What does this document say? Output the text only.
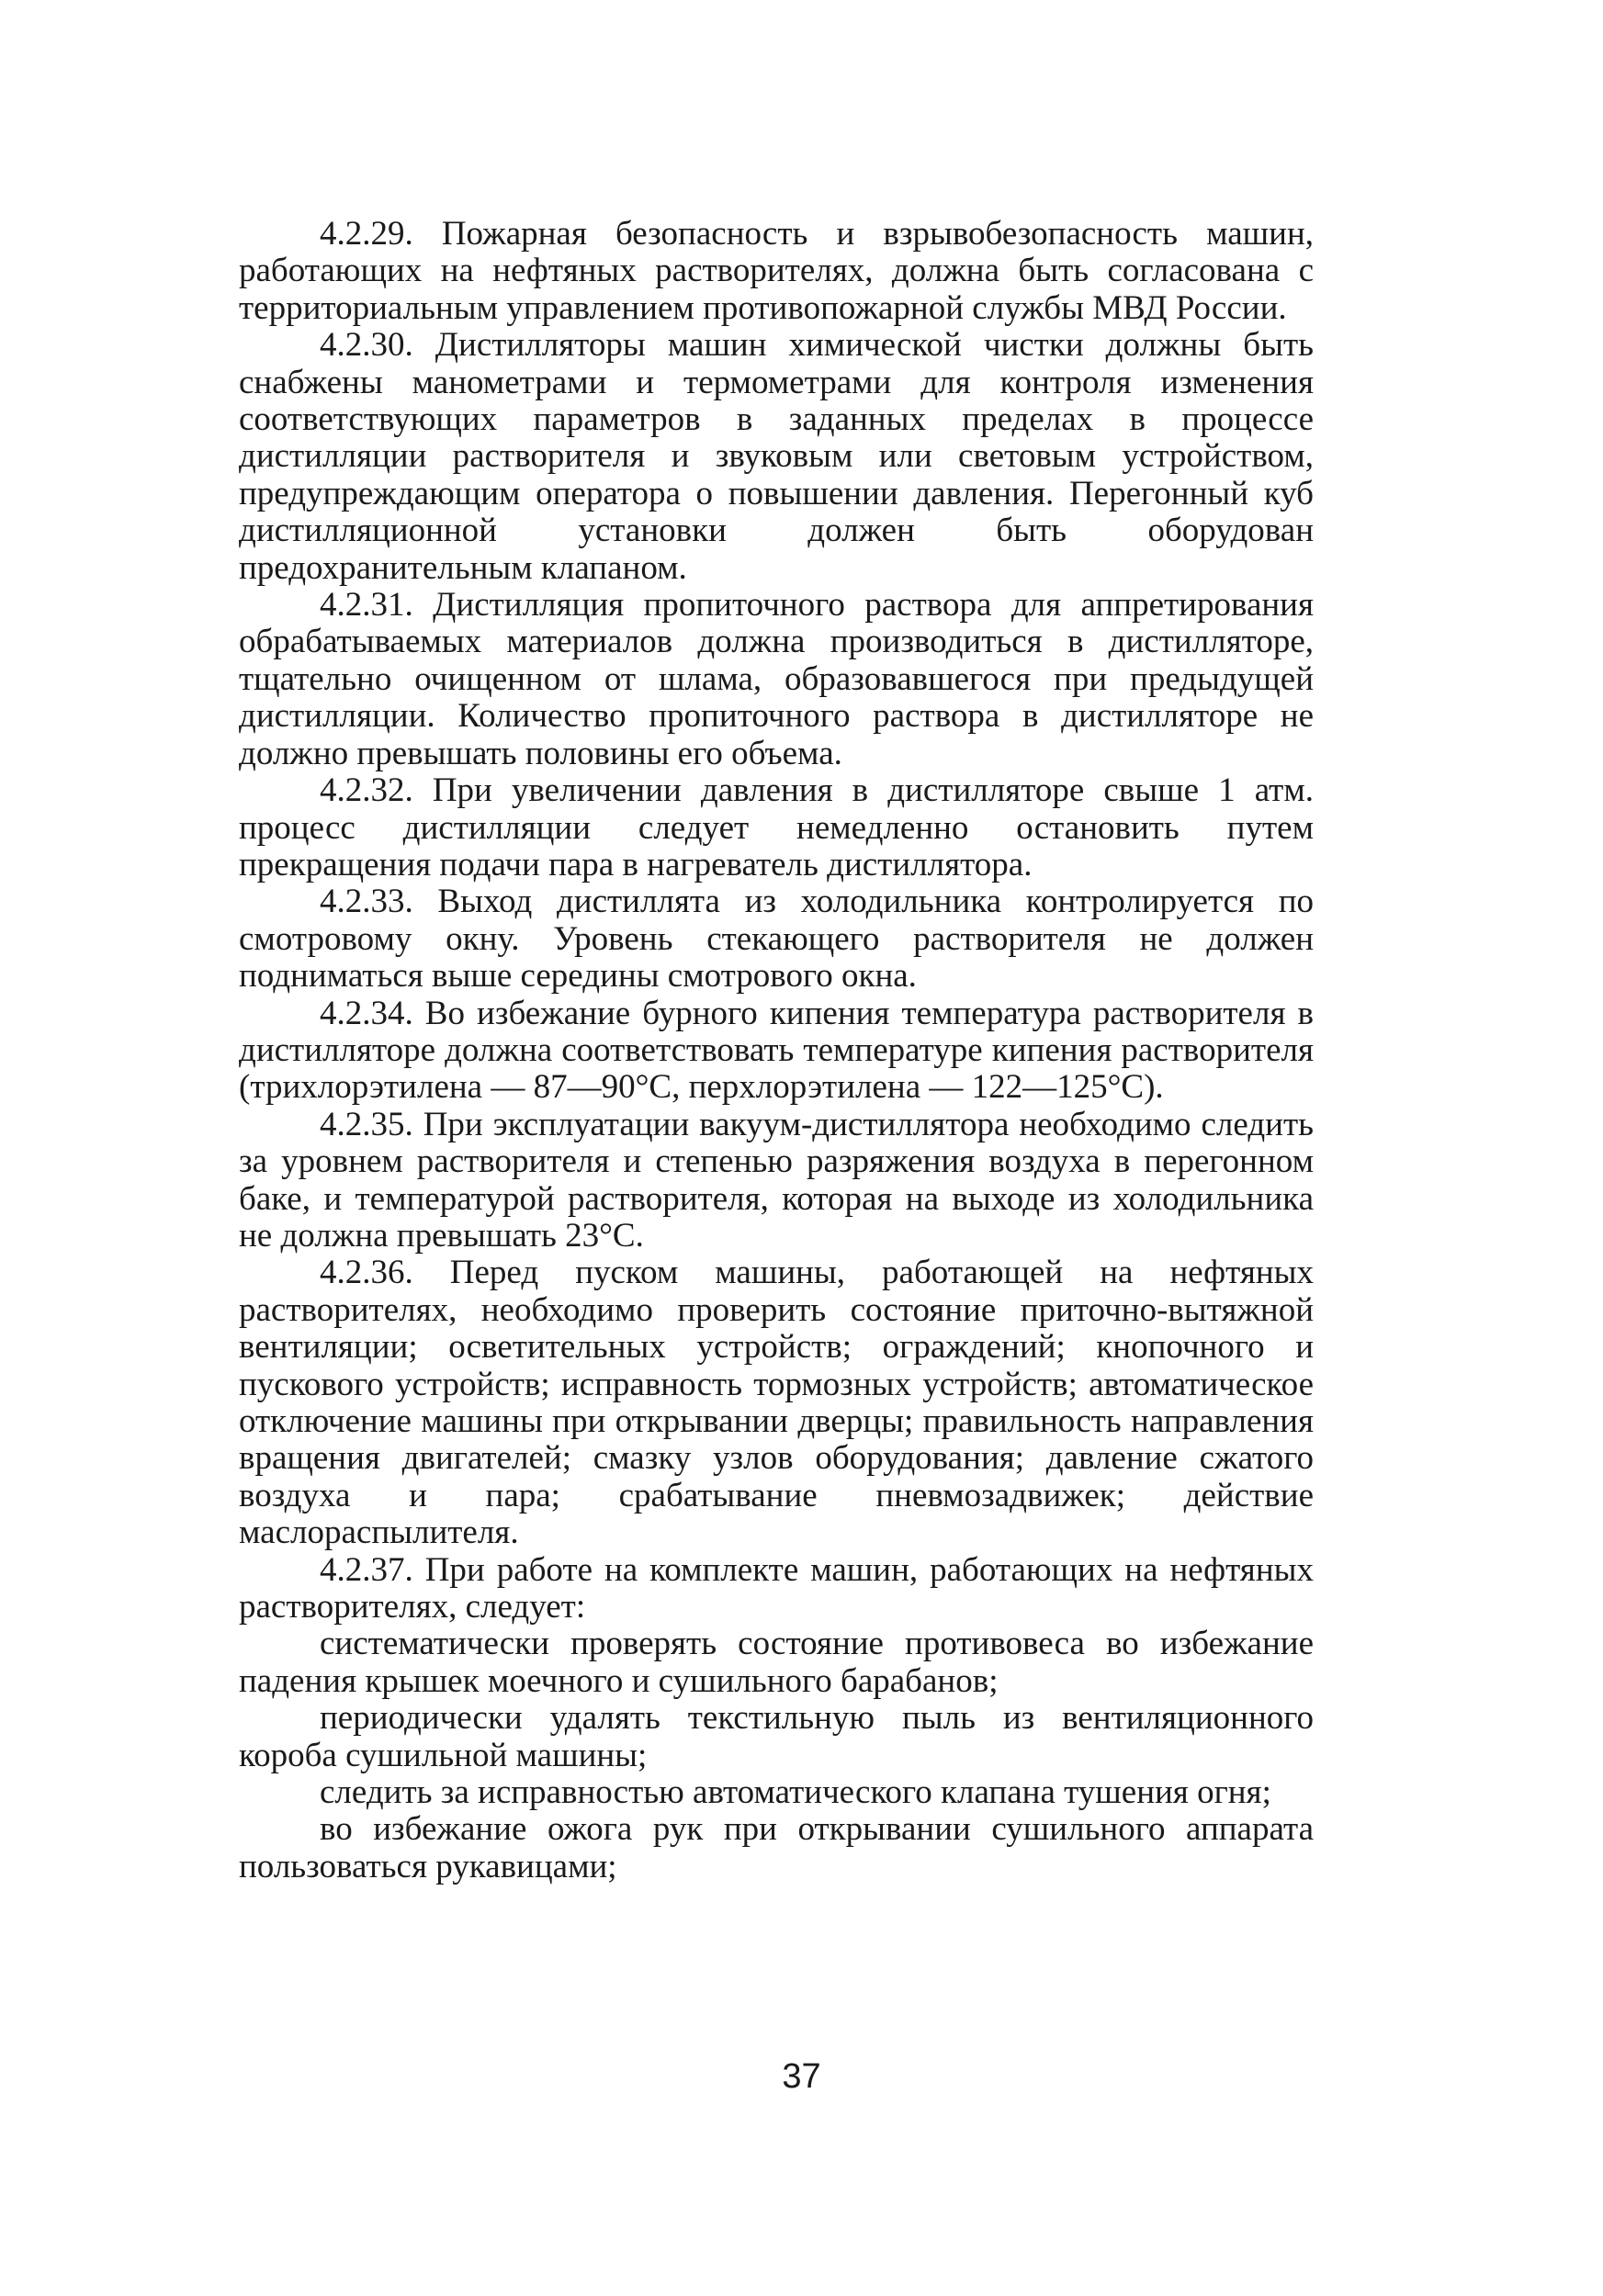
4.2.29. Пожарная безопасность и взрывобезопасность машин, работающих на нефтяных растворителях, должна быть согласована с территориальным управлением противопожарной службы МВД России.

4.2.30. Дистилляторы машин химической чистки должны быть снабжены манометрами и термометрами для контроля изменения соответствующих параметров в заданных пределах в процессе дистилляции растворителя и звуковым или световым устройством, предупреждающим оператора о повышении давления. Перегонный куб дистилляционной установки должен быть оборудован предохранительным клапаном.

4.2.31. Дистилляция пропиточного раствора для аппретирования обрабатываемых материалов должна производиться в дистилляторе, тщательно очищенном от шлама, образовавшегося при предыдущей дистилляции. Количество пропиточного раствора в дистилляторе не должно превышать половины его объема.

4.2.32. При увеличении давления в дистилляторе свыше 1 атм. процесс дистилляции следует немедленно остановить путем прекращения подачи пара в нагреватель дистиллятора.

4.2.33. Выход дистиллята из холодильника контролируется по смотровому окну. Уровень стекающего растворителя не должен подниматься выше середины смотрового окна.

4.2.34. Во избежание бурного кипения температура растворителя в дистилляторе должна соответствовать температуре кипения растворителя (трихлорэтилена — 87—90°С, перхлорэтилена — 122—125°С).

4.2.35. При эксплуатации вакуум-дистиллятора необходимо следить за уровнем растворителя и степенью разряжения воздуха в перегонном баке, и температурой растворителя, которая на выходе из холодильника не должна превышать 23°С.

4.2.36. Перед пуском машины, работающей на нефтяных растворителях, необходимо проверить состояние приточно-вытяжной вентиляции; осветительных устройств; ограждений; кнопочного и пускового устройств; исправность тормозных устройств; автоматическое отключение машины при открывании дверцы; правильность направления вращения двигателей; смазку узлов оборудования; давление сжатого воздуха и пара; срабатывание пневмозадвижек; действие маслораспылителя.

4.2.37. При работе на комплекте машин, работающих на нефтяных растворителях, следует:

систематически проверять состояние противовеса во избежание падения крышек моечного и сушильного барабанов;

периодически удалять текстильную пыль из вентиляционного короба сушильной машины;

следить за исправностью автоматического клапана тушения огня;

во избежание ожога рук при открывании сушильного аппарата пользоваться рукавицами;

37
